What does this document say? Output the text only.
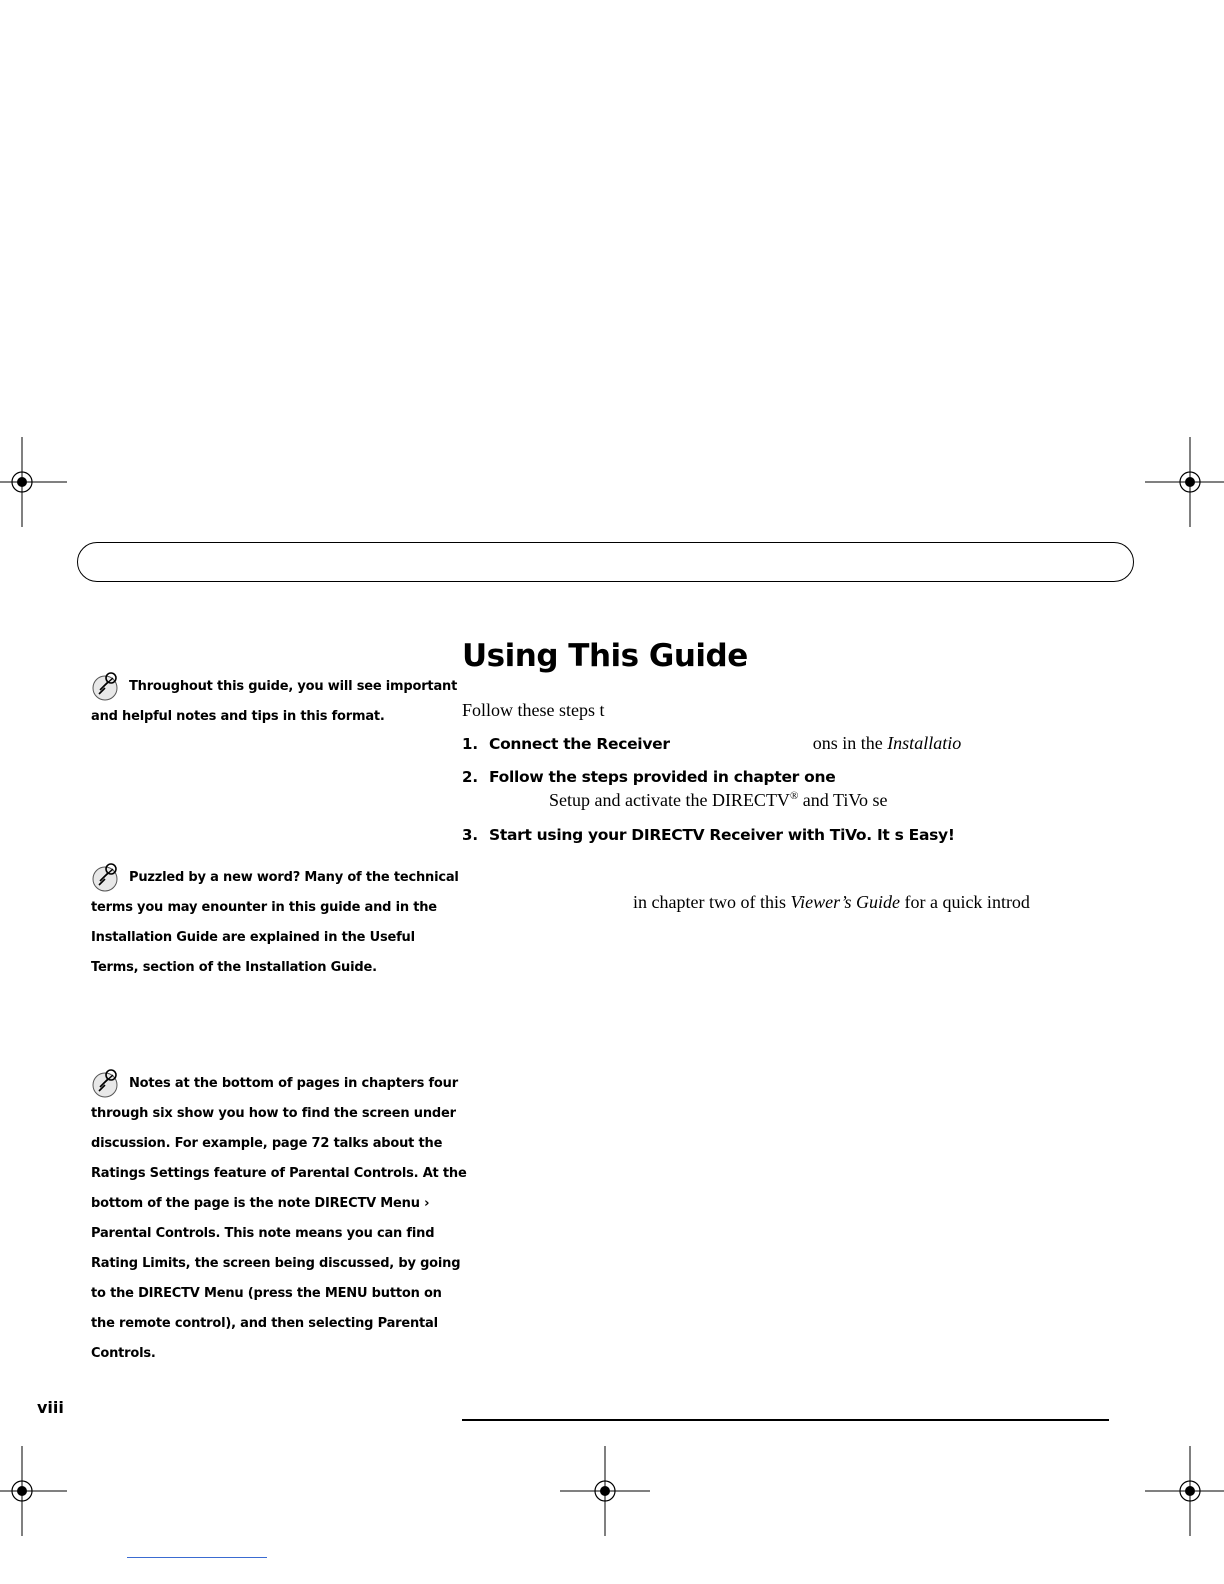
Throughout this guide, you will see important
and helpful notes and tips in this format.
Puzzled by a new word? Many of the technical
terms you may enounter in this guide and in the
Installation Guide are explained in the Useful
Terms, section of the Installation Guide.
Notes at the bottom of pages in chapters four
through six show you how to find the screen under
discussion. For example, page 72 talks about the
Ratings Settings feature of Parental Controls. At the
bottom of the page is the note DIRECTV Menu ›
Parental Controls. This note means you can find
Rating Limits, the screen being discussed, by going
to the DIRECTV Menu (press the MENU button on
the remote control), and then selecting Parental
Controls.
Using This Guide
Follow these steps t
1. Connect the Receiver	ons in the Installatio
2. Follow the steps provided in chapter one
Setup and activate the DIRECTV® and TiVo se
3. Start using your DIRECTV Receiver with TiVo. It s Easy!
in chapter two of this Viewer’s Guide for a quick introd
viii
